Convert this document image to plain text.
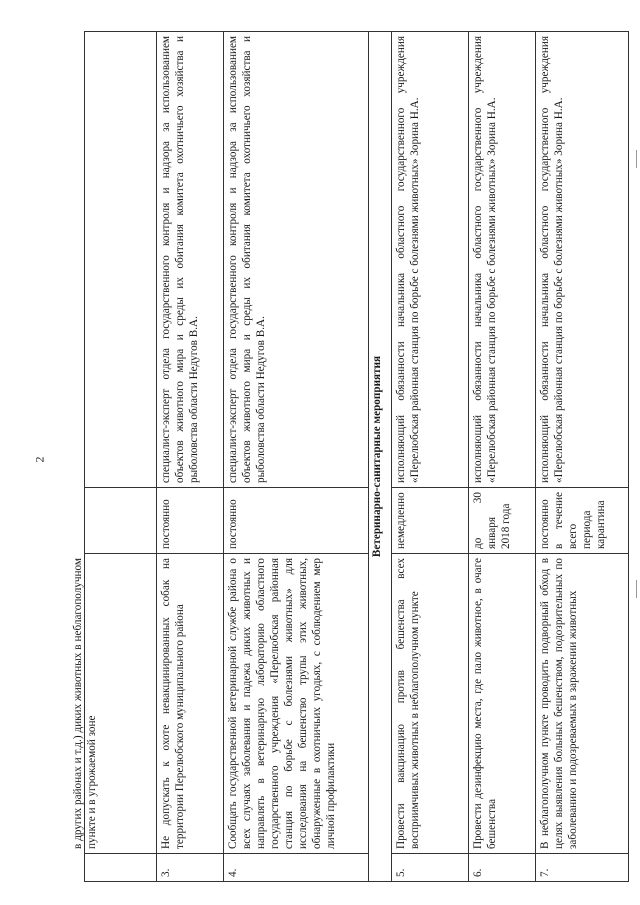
2

	в других районах и т.д.) диких животных в неблагополучном пункте и в угрожаемой зоне		

3.	Не допускать к охоте невакцинированных собак на территории Перелюбского муниципального района	постоянно	специалист-эксперт отдела государственного контроля и надзора за использованием объектов животного мира и среды их обитания комитета охотничьего хозяйства и рыболовства области Недугов В.А.
4.	Сообщать государственной ветеринарной службе района о всех случаях заболевания и падежа диких животных и направлять в ветеринарную лабораторию областного государственного учреждения «Перелюбская районная станция по борьбе с болезнями животных» для исследования на бешенство трупы этих животных, обнаруженные в охотничьих угодьях, с соблюдением мер личной профилактики	постоянно	специалист-эксперт отдела государственного контроля и надзора за использованием объектов животного мира и среды их обитания комитета охотничьего хозяйства и рыболовства области Недугов В.А.
Ветеринарно-санитарные мероприятия			
5.	Провести вакцинацию против бешенства всех восприимчивых животных в неблагополучном пункте	немедленно	исполняющий обязанности начальника областного государственного учреждения «Перелюбская районная станция по борьбе с болезнями животных» Зорина Н.А.
6.	Провести дезинфекцию места, где пало животное, в очаге бешенства	до 30 января 2018 года	исполняющий обязанности начальника областного государственного учреждения «Перелюбская районная станция по борьбе с болезнями животных» Зорина Н.А.
7.	В неблагополучном пункте проводить подворный обход в целях выявления больных бешенством, подозрительных по заболеванию и подозреваемых в заражении животных	постоянно в течение всего периода карантина	исполняющий обязанности начальника областного государственного учреждения «Перелюбская районная станция по борьбе с болезнями животных» Зорина Н.А.
